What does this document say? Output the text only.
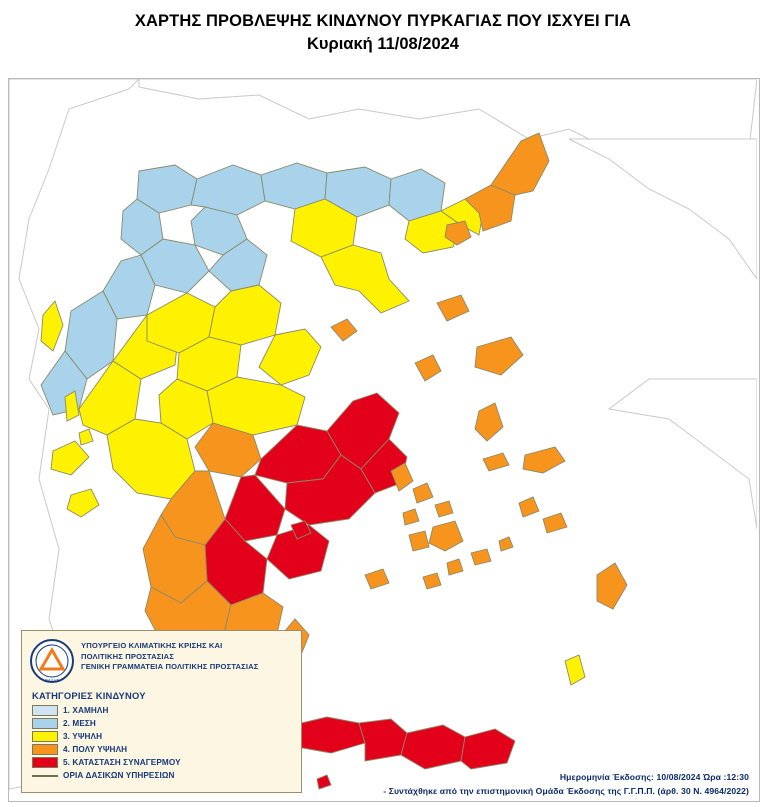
ΧΑΡΤΗΣ ΠΡΟΒΛΕΨΗΣ ΚΙΝΔΥΝΟΥ ΠΥΡΚΑΓΙΑΣ ΠΟΥ ΙΣΧΥΕΙ ΓΙΑ
Κυριακή 11/08/2024
ΕΛΛΑΣ
ΥΠΟΥΡΓΕΙΟ ΚΛΙΜΑΤΙΚΗΣ ΚΡΙΣΗΣ ΚΑΙ
ΠΟΛΙΤΙΚΗΣ ΠΡΟΣΤΑΣΙΑΣ
ΓΕΝΙΚΗ ΓΡΑΜΜΑΤΕΙΑ ΠΟΛΙΤΙΚΗΣ ΠΡΟΣΤΑΣΙΑΣ
ΚΑΤΗΓΟΡΙΕΣ ΚΙΝΔΥΝΟΥ
1. ΧΑΜΗΛΗ
2. ΜΕΣΗ
3. ΥΨΗΛΗ
4. ΠΟΛΥ ΥΨΗΛΗ
5. ΚΑΤΑΣΤΑΣΗ ΣΥΝΑΓΕΡΜΟΥ
ΟΡΙΑ ΔΑΣΙΚΩΝ ΥΠΗΡΕΣΙΩΝ	Ημερομηνία Έκδοσης: 10/08/2024 Ώρα :12:30
- Συντάχθηκε από την επιστημονική Ομάδα Έκδοσης της Γ.Γ.Π.Π. (άρθ. 30 Ν. 4964/2022)
